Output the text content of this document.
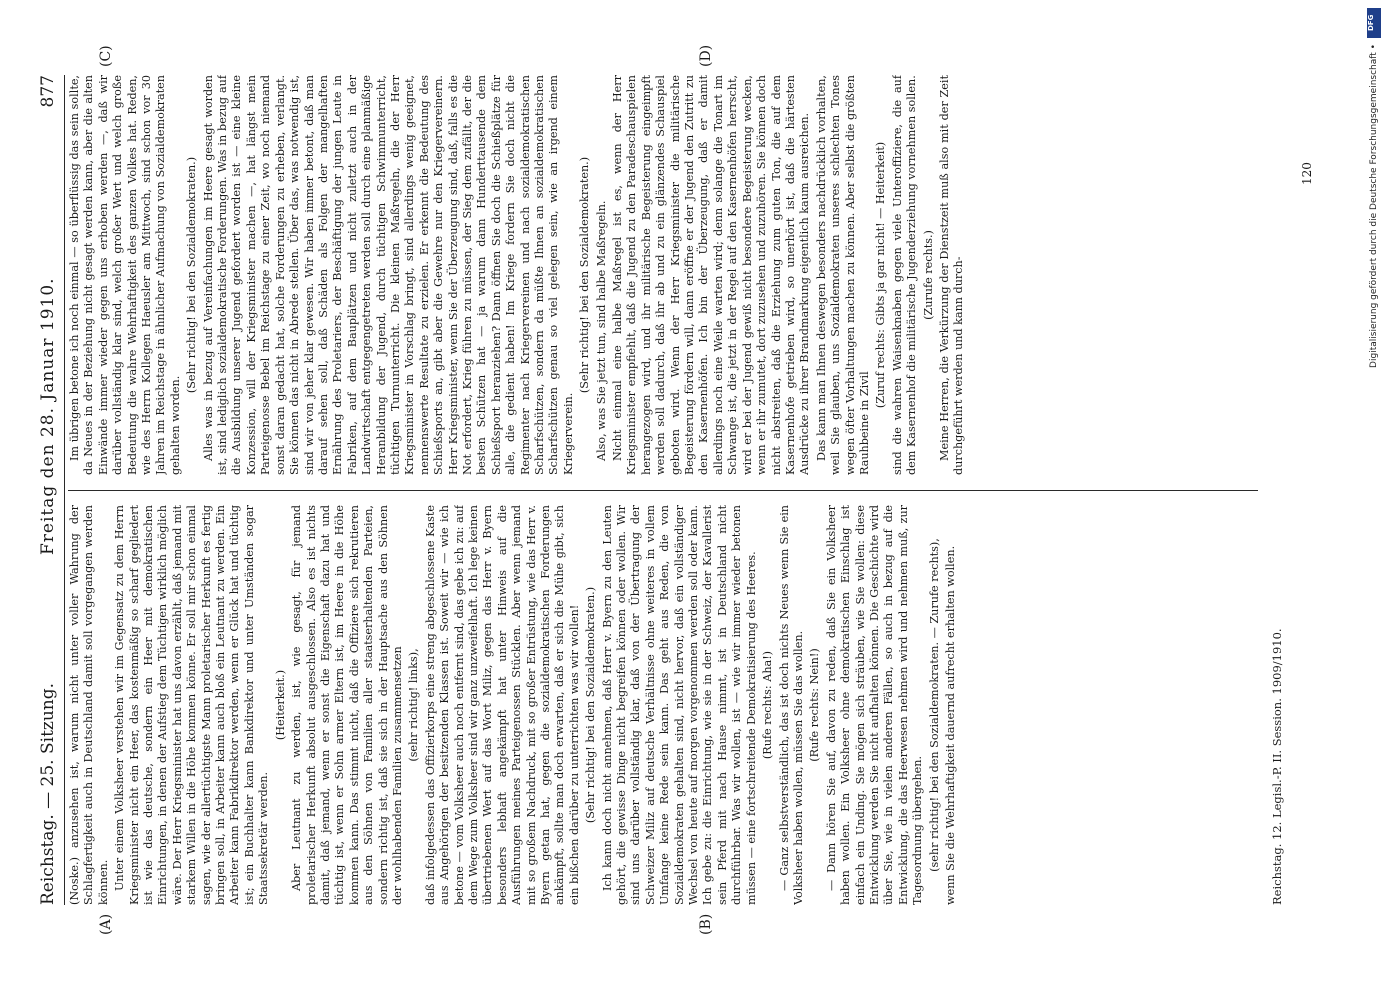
Reichstag. — 25. Sitzung.
Freitag den 28. Januar 1910.
877
(A)	(B)
(C)	(D)

(Noske.) anzusehen ist, warum nicht unter voller Wahrung der Schlagfertigkeit auch in Deutschland damit soll vorgegangen werden können. Unter einem Volksheer verstehen wir im Gegensatz zu dem Herrn Kriegsminister nicht ein Heer, das kostenmäßig so scharf gegliedert ist wie das deutsche, sondern ein Heer mit demokratischen Einrichtungen, in denen der Aufstieg dem Tüchtigen wirklich möglich wäre. Der Herr Kriegsminister hat uns davon erzählt, daß jemand mit starkem Willen in die Höhe kommen könne. Er soll mir schon einmal sagen, wie der allertüchtigste Mann proletarischer Herkunft es fertig bringen soll, in Arbeiter kann auch bloß ein Leutnant zu werden. Ein Arbeiter kann Fabrikdirektor werden, wenn er Glück hat und tüchtig ist; ein Buchhalter kann Bankdirektor und unter Umständen sogar Staatssekretär werden.

(Heiterkeit.) Aber Leutnant zu werden, ist, wie gesagt, für jemand proletarischer Herkunft absolut ausgeschlossen. Also es ist nichts damit, daß jemand, wenn er sonst die Eigenschaft dazu hat und tüchtig ist, wenn er Sohn armer Eltern ist, im Heere in die Höhe kommen kann. Das stimmt nicht, daß die Offiziere sich rekrutieren aus den Söhnen von Familien aller staatserhaltenden Parteien, sondern richtig ist, daß sie sich in der Hauptsache aus den Söhnen der wohlhabenden Familien zusammensetzen (sehr richtig! links), daß infolgedessen das Offizierkorps eine streng abgeschlossene Kaste aus Angehörigen der besitzenden Klassen ist. Soweit wir — wie ich betone — vom Volksheer auch noch entfernt sind, das gebe ich zu: auf dem Wege zum Volksheer sind wir ganz unzweifelhaft. Ich lege keinen übertriebenen Wert auf das Wort Miliz, gegen das Herr v. Byern besonders lebhaft angekämpft hat unter Hinweis auf die Ausführungen meines Parteigenossen Stücklen. Aber wenn jemand mit so großem Nachdruck, mit so großer Entrüstung, wie das Herr v. Byern getan hat, gegen die sozialdemokratischen Forderungen ankämpft, sollte man doch erwarten, daß er sich die Mühe gibt, sich ein bißchen darüber zu unterrichten was wir wollen! (Sehr richtig! bei den Sozialdemokraten.) Ich kann doch nicht annehmen, daß Herr v. Byern zu den Leuten gehört, die gewisse Dinge nicht begreifen können oder wollen. Wir sind uns darüber vollständig klar, daß von der Übertragung der Schweizer Miliz auf deutsche Verhältnisse ohne weiteres in vollem Umfange keine Rede sein kann. Das geht aus Reden, die von Sozialdemokraten gehalten sind, nicht hervor, daß ein vollständiger Wechsel von heute auf morgen vorgenommen werden soll oder kann. Ich gebe zu: die Einrichtung, wie sie in der Schweiz, der Kavallerist sein Pferd mit nach Hause nimmt, ist in Deutschland nicht durchführbar. Was wir wollen, ist — wie wir immer wieder betonen müssen — eine fortschreitende Demokratisierung des Heeres. (Rufe rechts: Aha!) — Ganz selbstverständlich, das ist doch nichts Neues wenn Sie ein Volksheer haben wollen, müssen Sie das wollen. (Rufe rechts: Nein!) — Dann hören Sie auf, davon zu reden, daß Sie ein Volksheer haben wollen. Ein Volksheer ohne demokratischen Einschlag ist einfach ein Unding. Sie mögen sich sträuben, wie Sie wollen: diese Entwicklung werden Sie nicht aufhalten können. Die Geschichte wird über Sie, wie in vielen anderen Fällen, so auch in bezug auf die Entwicklung, die das Heerwesen nehmen wird und nehmen muß, zur Tagesordnung übergehen. (sehr richtig! bei den Sozialdemokraten. — Zurufe rechts), wenn Sie die Wehrhaftigkeit dauernd aufrecht erhalten wollen.

Im übrigen betone ich noch einmal — so überflüssig das sein sollte, da Neues in der Beziehung nicht gesagt werden kann, aber die alten Einwände immer wieder gegen uns erhoben werden —, daß wir darüber vollständig klar sind, welch großer Wert und welch große Bedeutung die wahre Wehrhaftigkeit des ganzen Volkes hat. Reden, wie des Herrn Kollegen Haeusler am Mittwoch, sind schon vor 30 Jahren im Reichstage in ähnlicher Aufmachung von Sozialdemokraten gehalten worden.

(Sehr richtig! bei den Sozialdemokraten.) Alles was in bezug auf Vereinfachungen im Heere gesagt worden ist, sind lediglich sozialdemokratische Forderungen. Was in bezug auf die Ausbildung unserer Jugend gefordert worden ist — eine kleine Konzession, will der Kriegsminister machen —, hat längst mein Parteigenosse Bebel im Reichstage zu einer Zeit, wo noch niemand sonst daran gedacht hat, solche Forderungen zu erheben, verlangt. Sie können das nicht in Abrede stellen. Über das, was notwendig ist, sind wir von jeher klar gewesen. Wir haben immer betont, daß man darauf sehen soll, daß Schäden als Folgen der mangelhaften Ernährung des Proletariers, der Beschäftigung der jungen Leute in Fabriken, auf dem Bauplätzen und nicht zuletzt auch in der Landwirtschaft entgegengetreten werden soll durch eine planmäßige Heranbildung der Jugend, durch tüchtigen Schwimmunterricht, tüchtigen Turnunterricht. Die kleinen Maßregeln, die der Herr Kriegsminister in Vorschlag bringt, sind allerdings wenig geeignet, nennenswerte Resultate zu erzielen. Er erkennt die Bedeutung des Schießsports an, gibt aber die Gewehre nur den Kriegervereinern. Herr Kriegsminister, wenn Sie der Überzeugung sind, daß, falls es die Not erfordert, Krieg führen zu müssen, der Sieg dem zufällt, der die besten Schützen hat — ja warum dann Hunderttausende dem Schießsport heranziehen? Dann öffnen Sie doch die Schießplätze für alle, die gedient haben! Im Kriege fordern Sie doch nicht die Regimenter nach Kriegervereinen und nach sozialdemokratischen Scharfschützen, sondern da müßte Ihnen an sozialdemokratischen Scharfschützen genau so viel gelegen sein, wie an irgend einem Kriegerverein.

(Sehr richtig! bei den Sozialdemokraten.) Also, was Sie jetzt tun, sind halbe Maßregeln. Nicht einmal eine halbe Maßregel ist es, wenn der Herr Kriegsminister empfiehlt, daß die Jugend zu den Paradeschauspielen herangezogen wird, und ihr militärische Begeisterung eingeimpft werden soll dadurch, daß ihr ab und zu ein glänzendes Schauspiel geboten wird. Wenn der Herr Kriegsminister die militärische Begeisterung fördern will, dann eröffne er der Jugend den Zutritt zu den Kasernenhöfen. Ich bin der Überzeugung, daß er damit allerdings noch eine Weile warten wird; denn solange die Tonart im Schwange ist, die jetzt in der Regel auf den Kasernenhöfen herrscht, wird er bei der Jugend gewiß nicht besondere Begeisterung wecken, wenn er ihr zumutet, dort zuzusehen und zuzuhören. Sie können doch nicht abstreiten, daß die Erziehung zum guten Ton, die auf dem Kasernenhofe getrieben wird, so unerhört ist, daß die härtesten Ausdrücke zu ihrer Brandmarkung eigentlich kaum ausreichen. Das kann man Ihnen deswegen besonders nachdrücklich vorhalten, weil Sie glauben, uns Sozialdemokraten unseres schlechten Tones wegen öfter Vorhaltungen machen zu können. Aber selbst die größten Rauhbeine in Zivil

(Zuruf rechts: Gibts ja gar nicht! — Heiterkeit) sind die wahren Waisenknaben gegen viele Unteroffiziere, die auf dem Kasernenhof die militärische Jugenderziehung vornehmen sollen. (Zurufe rechts.) Meine Herren, die Verkürzung der Dienstzeit muß also mit der Zeit durchgeführt werden und kann durch-

Reichstag. 12. Legisl.-P. II. Session. 1909/1910.
120
DFG
Digitalisierung gefördert durch die Deutsche Forschungsgemeinschaft •
